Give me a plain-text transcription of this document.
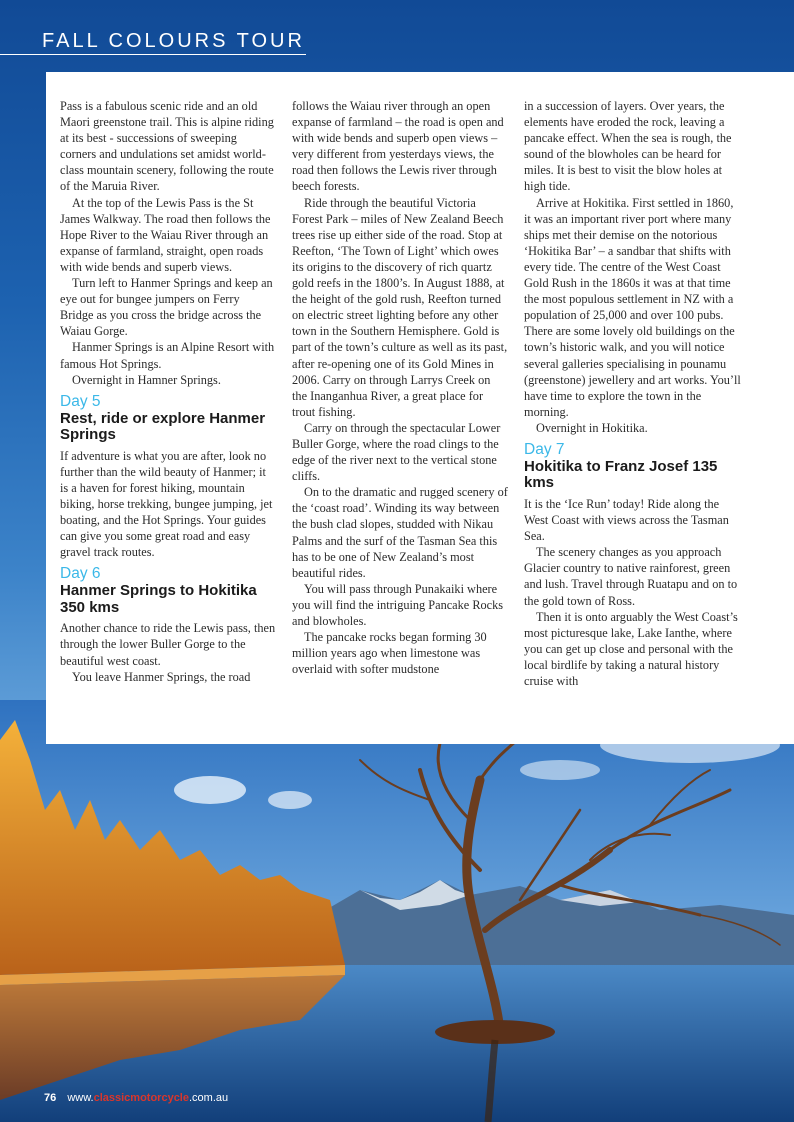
FALL COLOURS TOUR

Pass is a fabulous scenic ride and an old Maori greenstone trail. This is alpine riding at its best - successions of sweeping corners and undulations set amidst world-class mountain scenery, following the route of the Maruia River.

At the top of the Lewis Pass is the St James Walkway. The road then follows the Hope River to the Waiau River through an expanse of farmland, straight, open roads with wide bends and superb views.

Turn left to Hanmer Springs and keep an eye out for bungee jumpers on Ferry Bridge as you cross the bridge across the Waiau Gorge.

Hanmer Springs is an Alpine Resort with famous Hot Springs.

Overnight in Hamner Springs.

Day 5
Rest, ride or explore Hanmer Springs

If adventure is what you are after, look no further than the wild beauty of Hanmer; it is a haven for forest hiking, mountain biking, horse trekking, bungee jumping, jet boating, and the Hot Springs. Your guides can give you some great road and easy gravel track routes.

Day 6
Hanmer Springs to Hokitika 350 kms

Another chance to ride the Lewis pass, then through the lower Buller Gorge to the beautiful west coast.

You leave Hanmer Springs, the road

follows the Waiau river through an open expanse of farmland – the road is open and with wide bends and superb open views – very different from yesterdays views, the road then follows the Lewis river through beech forests.

Ride through the beautiful Victoria Forest Park – miles of New Zealand Beech trees rise up either side of the road. Stop at Reefton, ‘The Town of Light’ which owes its origins to the discovery of rich quartz gold reefs in the 1800’s. In August 1888, at the height of the gold rush, Reefton turned on electric street lighting before any other town in the Southern Hemisphere. Gold is part of the town’s culture as well as its past, after re-opening one of its Gold Mines in 2006. Carry on through Larrys Creek on the Inanganhua River, a great place for trout fishing.

Carry on through the spectacular Lower Buller Gorge, where the road clings to the edge of the river next to the vertical stone cliffs.

On to the dramatic and rugged scenery of the ‘coast road’. Winding its way between the bush clad slopes, studded with Nikau Palms and the surf of the Tasman Sea this has to be one of New Zealand’s most beautiful rides.

You will pass through Punakaiki where you will find the intriguing Pancake Rocks and blowholes.

The pancake rocks began forming 30 million years ago when limestone was overlaid with softer mudstone

in a succession of layers. Over years, the elements have eroded the rock, leaving a pancake effect. When the sea is rough, the sound of the blowholes can be heard for miles. It is best to visit the blow holes at high tide.

Arrive at Hokitika. First settled in 1860, it was an important river port where many ships met their demise on the notorious ‘Hokitika Bar’ – a sandbar that shifts with every tide. The centre of the West Coast Gold Rush in the 1860s it was at that time the most populous settlement in NZ with a population of 25,000 and over 100 pubs. There are some lovely old buildings on the town’s historic walk, and you will notice several galleries specialising in pounamu (greenstone) jewellery and art works. You’ll have time to explore the town in the morning.

Overnight in Hokitika.

Day 7
Hokitika to Franz Josef 135 kms

It is the ‘Ice Run’ today! Ride along the West Coast with views across the Tasman Sea.

The scenery changes as you approach Glacier country to native rainforest, green and lush. Travel through Ruatapu and on to the gold town of Ross.

Then it is onto arguably the West Coast’s most picturesque lake, Lake Ianthe, where you can get up close and personal with the local birdlife by taking a natural history cruise with

76 www.classicmotorcycle.com.au
